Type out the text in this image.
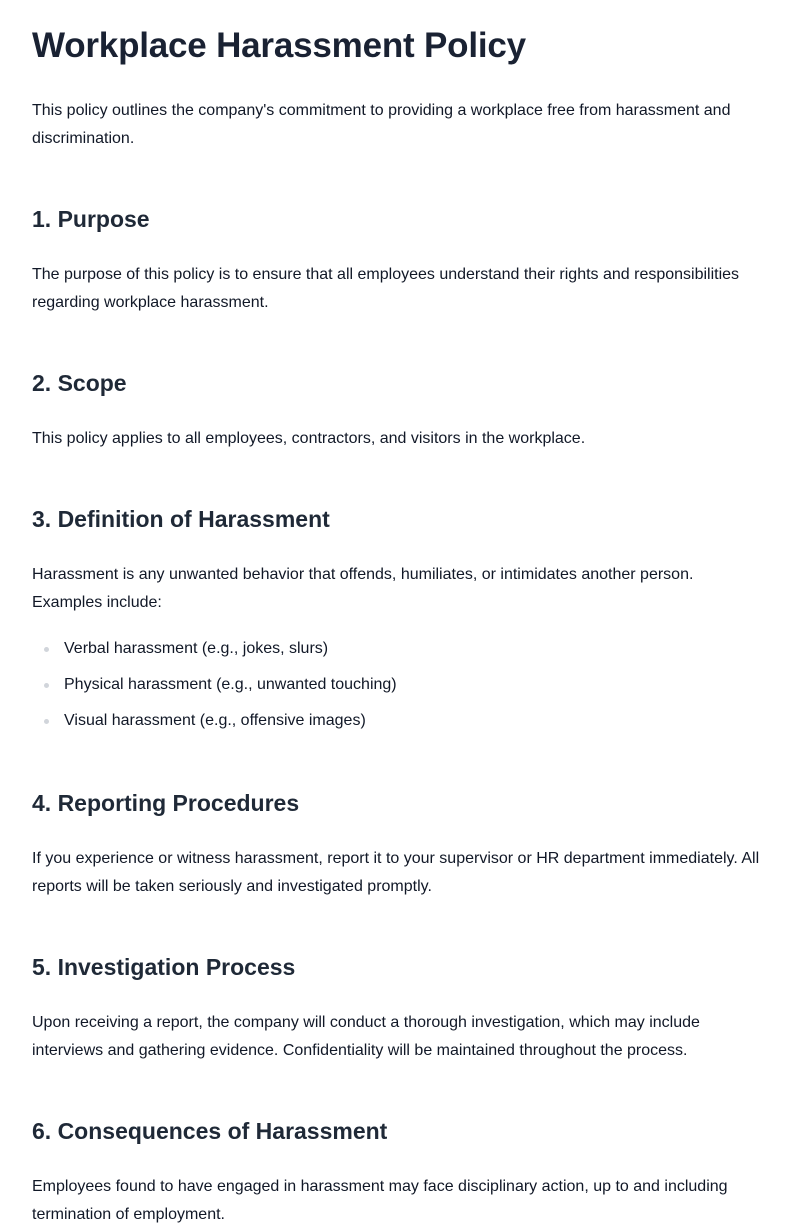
Workplace Harassment Policy

This policy outlines the company's commitment to providing a workplace free from harassment and discrimination.

1. Purpose

The purpose of this policy is to ensure that all employees understand their rights and responsibilities regarding workplace harassment.

2. Scope

This policy applies to all employees, contractors, and visitors in the workplace.

3. Definition of Harassment

Harassment is any unwanted behavior that offends, humiliates, or intimidates another person. Examples include:

Verbal harassment (e.g., jokes, slurs)
Physical harassment (e.g., unwanted touching)
Visual harassment (e.g., offensive images)
4. Reporting Procedures

If you experience or witness harassment, report it to your supervisor or HR department immediately. All reports will be taken seriously and investigated promptly.

5. Investigation Process

Upon receiving a report, the company will conduct a thorough investigation, which may include interviews and gathering evidence. Confidentiality will be maintained throughout the process.

6. Consequences of Harassment

Employees found to have engaged in harassment may face disciplinary action, up to and including termination of employment.
